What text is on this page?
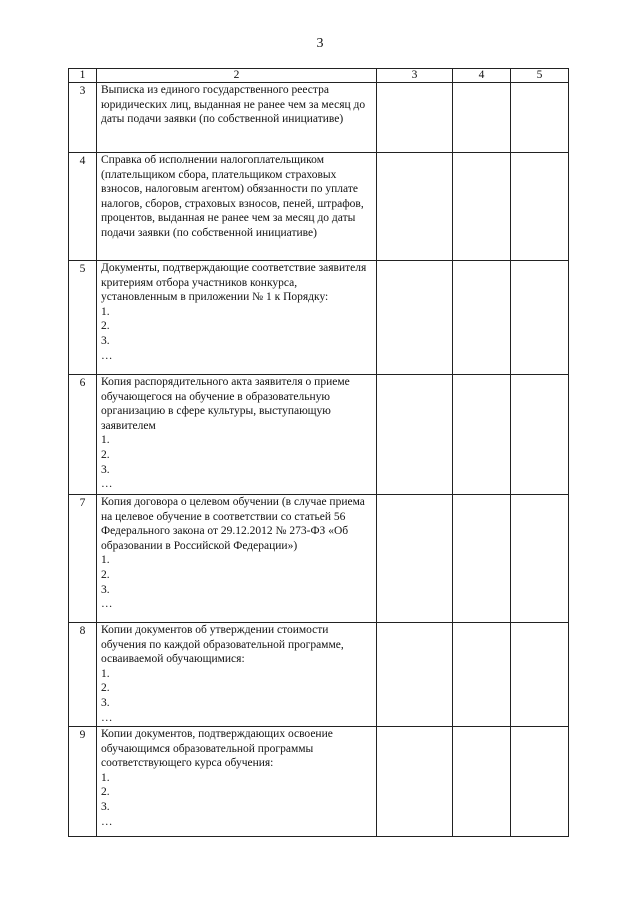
3
1	2	3	4	5
3	Выписка из единого государственного реестра юридических лиц, выданная не ранее чем за месяц до даты подачи заявки (по собственной инициативе)			

4	Справка об исполнении налогоплательщиком (плательщиком сбора, плательщиком страховых взносов, налоговым агентом) обязанности по уплате налогов, сборов, страховых взносов, пеней, штрафов, процентов, выданная не ранее чем за месяц до даты подачи заявки (по собственной инициативе)			

5	Документы, подтверждающие соответствие заявителя критериям отбора участников конкурса, установленным в приложении № 1 к Порядку:
1.
2.
3.
…			

6	Копия распорядительного акта заявителя о приеме обучающегося на обучение в образовательную организацию в сфере культуры, выступающую заявителем
1.
2.
3.
…			

7	Копия договора о целевом обучении (в случае приема на целевое обучение в соответствии со статьей 56 Федерального закона от 29.12.2012 № 273-ФЗ «Об образовании в Российской Федерации»)
1.
2.
3.
…			

8	Копии документов об утверждении стоимости обучения по каждой образовательной программе, осваиваемой обучающимися:
1.
2.
3.
…			

9	Копии документов, подтверждающих освоение обучающимся образовательной программы соответствующего курса обучения:
1.
2.
3.
…			
